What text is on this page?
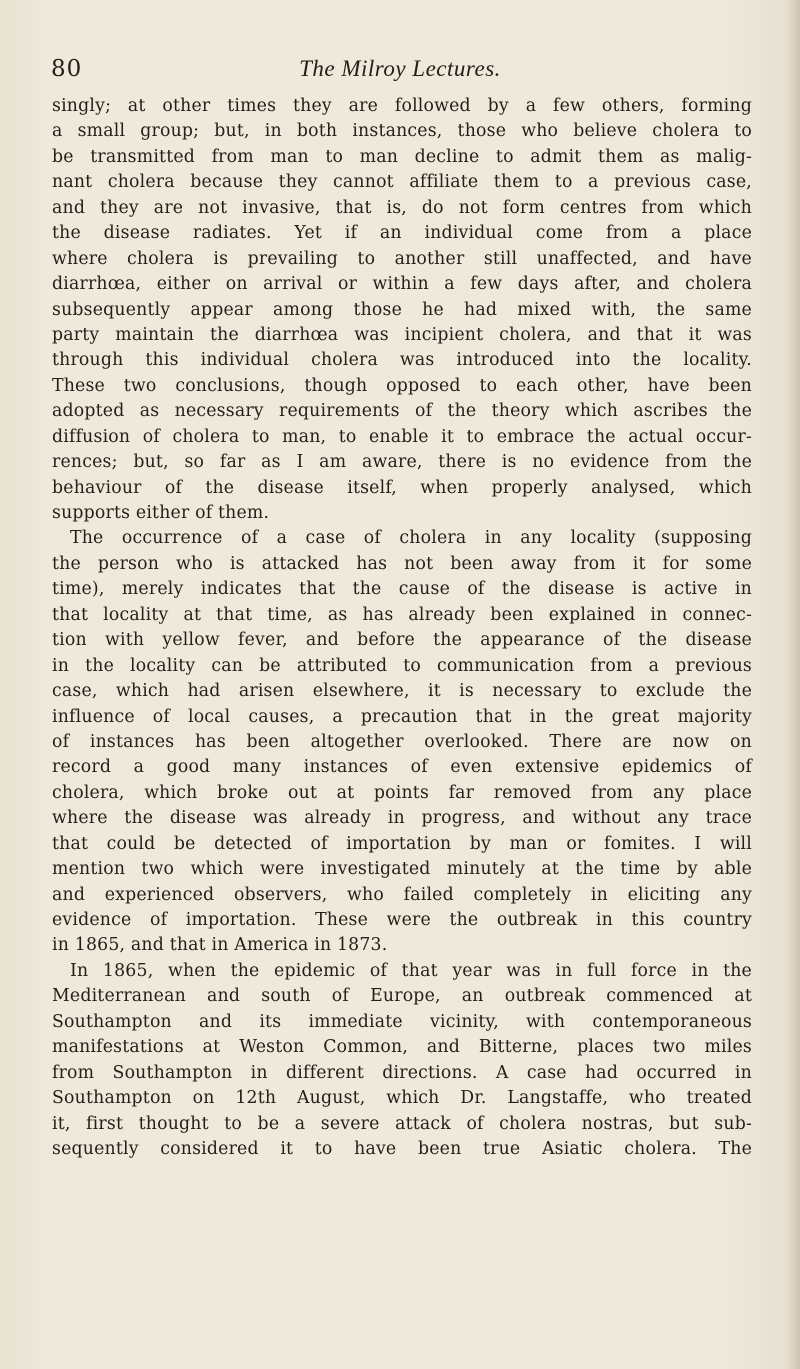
80	The Milroy Lectures.
singly; at other times they are followed by a few others, forming
a small group; but, in both instances, those who believe cholera to
be transmitted from man to man decline to admit them as malig-
nant cholera because they cannot affiliate them to a previous case,
and they are not invasive, that is, do not form centres from which
the disease radiates. Yet if an individual come from a place
where cholera is prevailing to another still unaffected, and have
diarrhœa, either on arrival or within a few days after, and cholera
subsequently appear among those he had mixed with, the same
party maintain the diarrhœa was incipient cholera, and that it was
through this individual cholera was introduced into the locality.
These two conclusions, though opposed to each other, have been
adopted as necessary requirements of the theory which ascribes the
diffusion of cholera to man, to enable it to embrace the actual occur-
rences; but, so far as I am aware, there is no evidence from the
behaviour of the disease itself, when properly analysed, which
supports either of them.
The occurrence of a case of cholera in any locality (supposing
the person who is attacked has not been away from it for some
time), merely indicates that the cause of the disease is active in
that locality at that time, as has already been explained in connec-
tion with yellow fever, and before the appearance of the disease
in the locality can be attributed to communication from a previous
case, which had arisen elsewhere, it is necessary to exclude the
influence of local causes, a precaution that in the great majority
of instances has been altogether overlooked. There are now on
record a good many instances of even extensive epidemics of
cholera, which broke out at points far removed from any place
where the disease was already in progress, and without any trace
that could be detected of importation by man or fomites. I will
mention two which were investigated minutely at the time by able
and experienced observers, who failed completely in eliciting any
evidence of importation. These were the outbreak in this country
in 1865, and that in America in 1873.
In 1865, when the epidemic of that year was in full force in the
Mediterranean and south of Europe, an outbreak commenced at
Southampton and its immediate vicinity, with contemporaneous
manifestations at Weston Common, and Bitterne, places two miles
from Southampton in different directions. A case had occurred in
Southampton on 12th August, which Dr. Langstaffe, who treated
it, first thought to be a severe attack of cholera nostras, but sub-
sequently considered it to have been true Asiatic cholera. The
